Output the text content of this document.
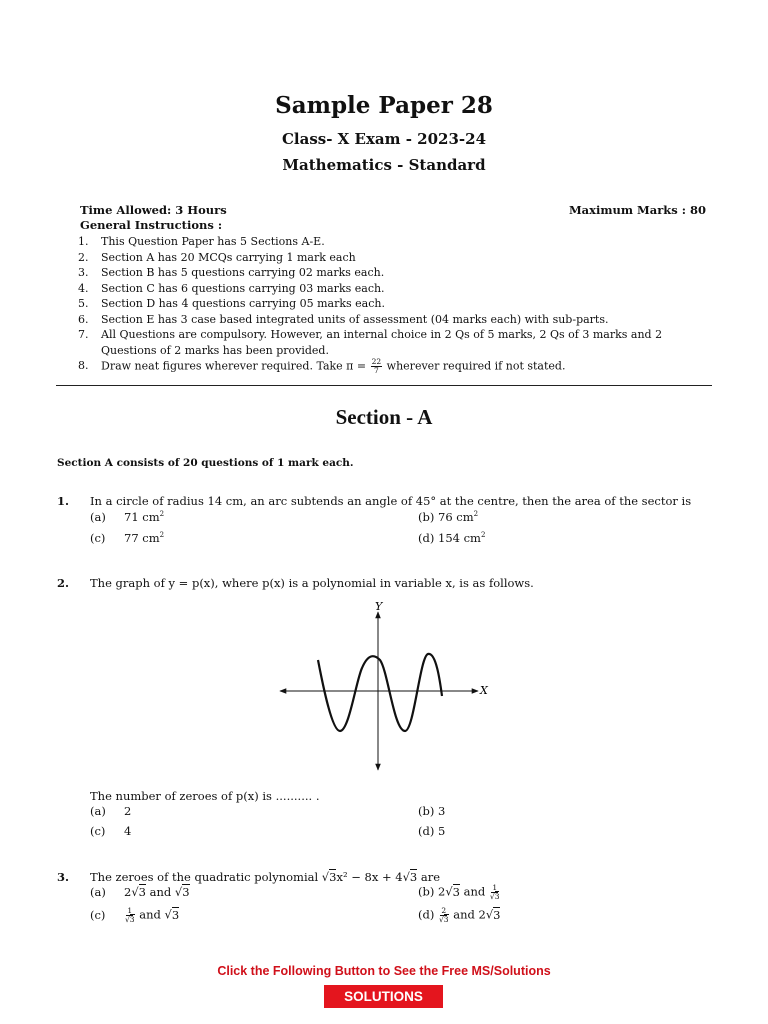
Sample Paper 28
Class- X Exam - 2023-24
Mathematics - Standard
Time Allowed: 3 Hours	Maximum Marks : 80
General Instructions :
1.	This Question Paper has 5 Sections A-E.
2.	Section A has 20 MCQs carrying 1 mark each
3.	Section B has 5 questions carrying 02 marks each.
4.	Section C has 6 questions carrying 03 marks each.
5.	Section D has 4 questions carrying 05 marks each.
6.	Section E has 3 case based integrated units of assessment (04 marks each) with sub-parts.
7.	All Questions are compulsory. However, an internal choice in 2 Qs of 5 marks, 2 Qs of 3 marks and 2 Questions of 2 marks has been provided.
8.	Draw neat figures wherever required. Take $\pi = \frac{22}{7}$ wherever required if not stated.
Section - A
Section A consists of 20 questions of 1 mark each.
1. In a circle of radius 14 cm, an arc subtends an angle of 45° at the centre, then the area of the sector is
(a) 71 $cm^2$	(b) 76 $cm^2$
(c) 77 $cm^2$	(d) 154 $cm^2$
2. The graph of y = p(x), where p(x) is a polynomial in variable x, is as follows.
Y
X
The number of zeroes of p(x) is .......... .
(a) 2	(b) 3
(c) 4	(d) 5
3. The zeroes of the quadratic polynomial √3x² − 8x + 4√3 are
(a) 2√3 and √3	(b) 2√3 and $\frac{1}{√3}$
(c)	$\frac{1}{√3}$ and √3	$(d) \frac{2}{√3}$ and 2√3
Click the Following Button to See the Free MS/Solutions
SOLUTIONS
